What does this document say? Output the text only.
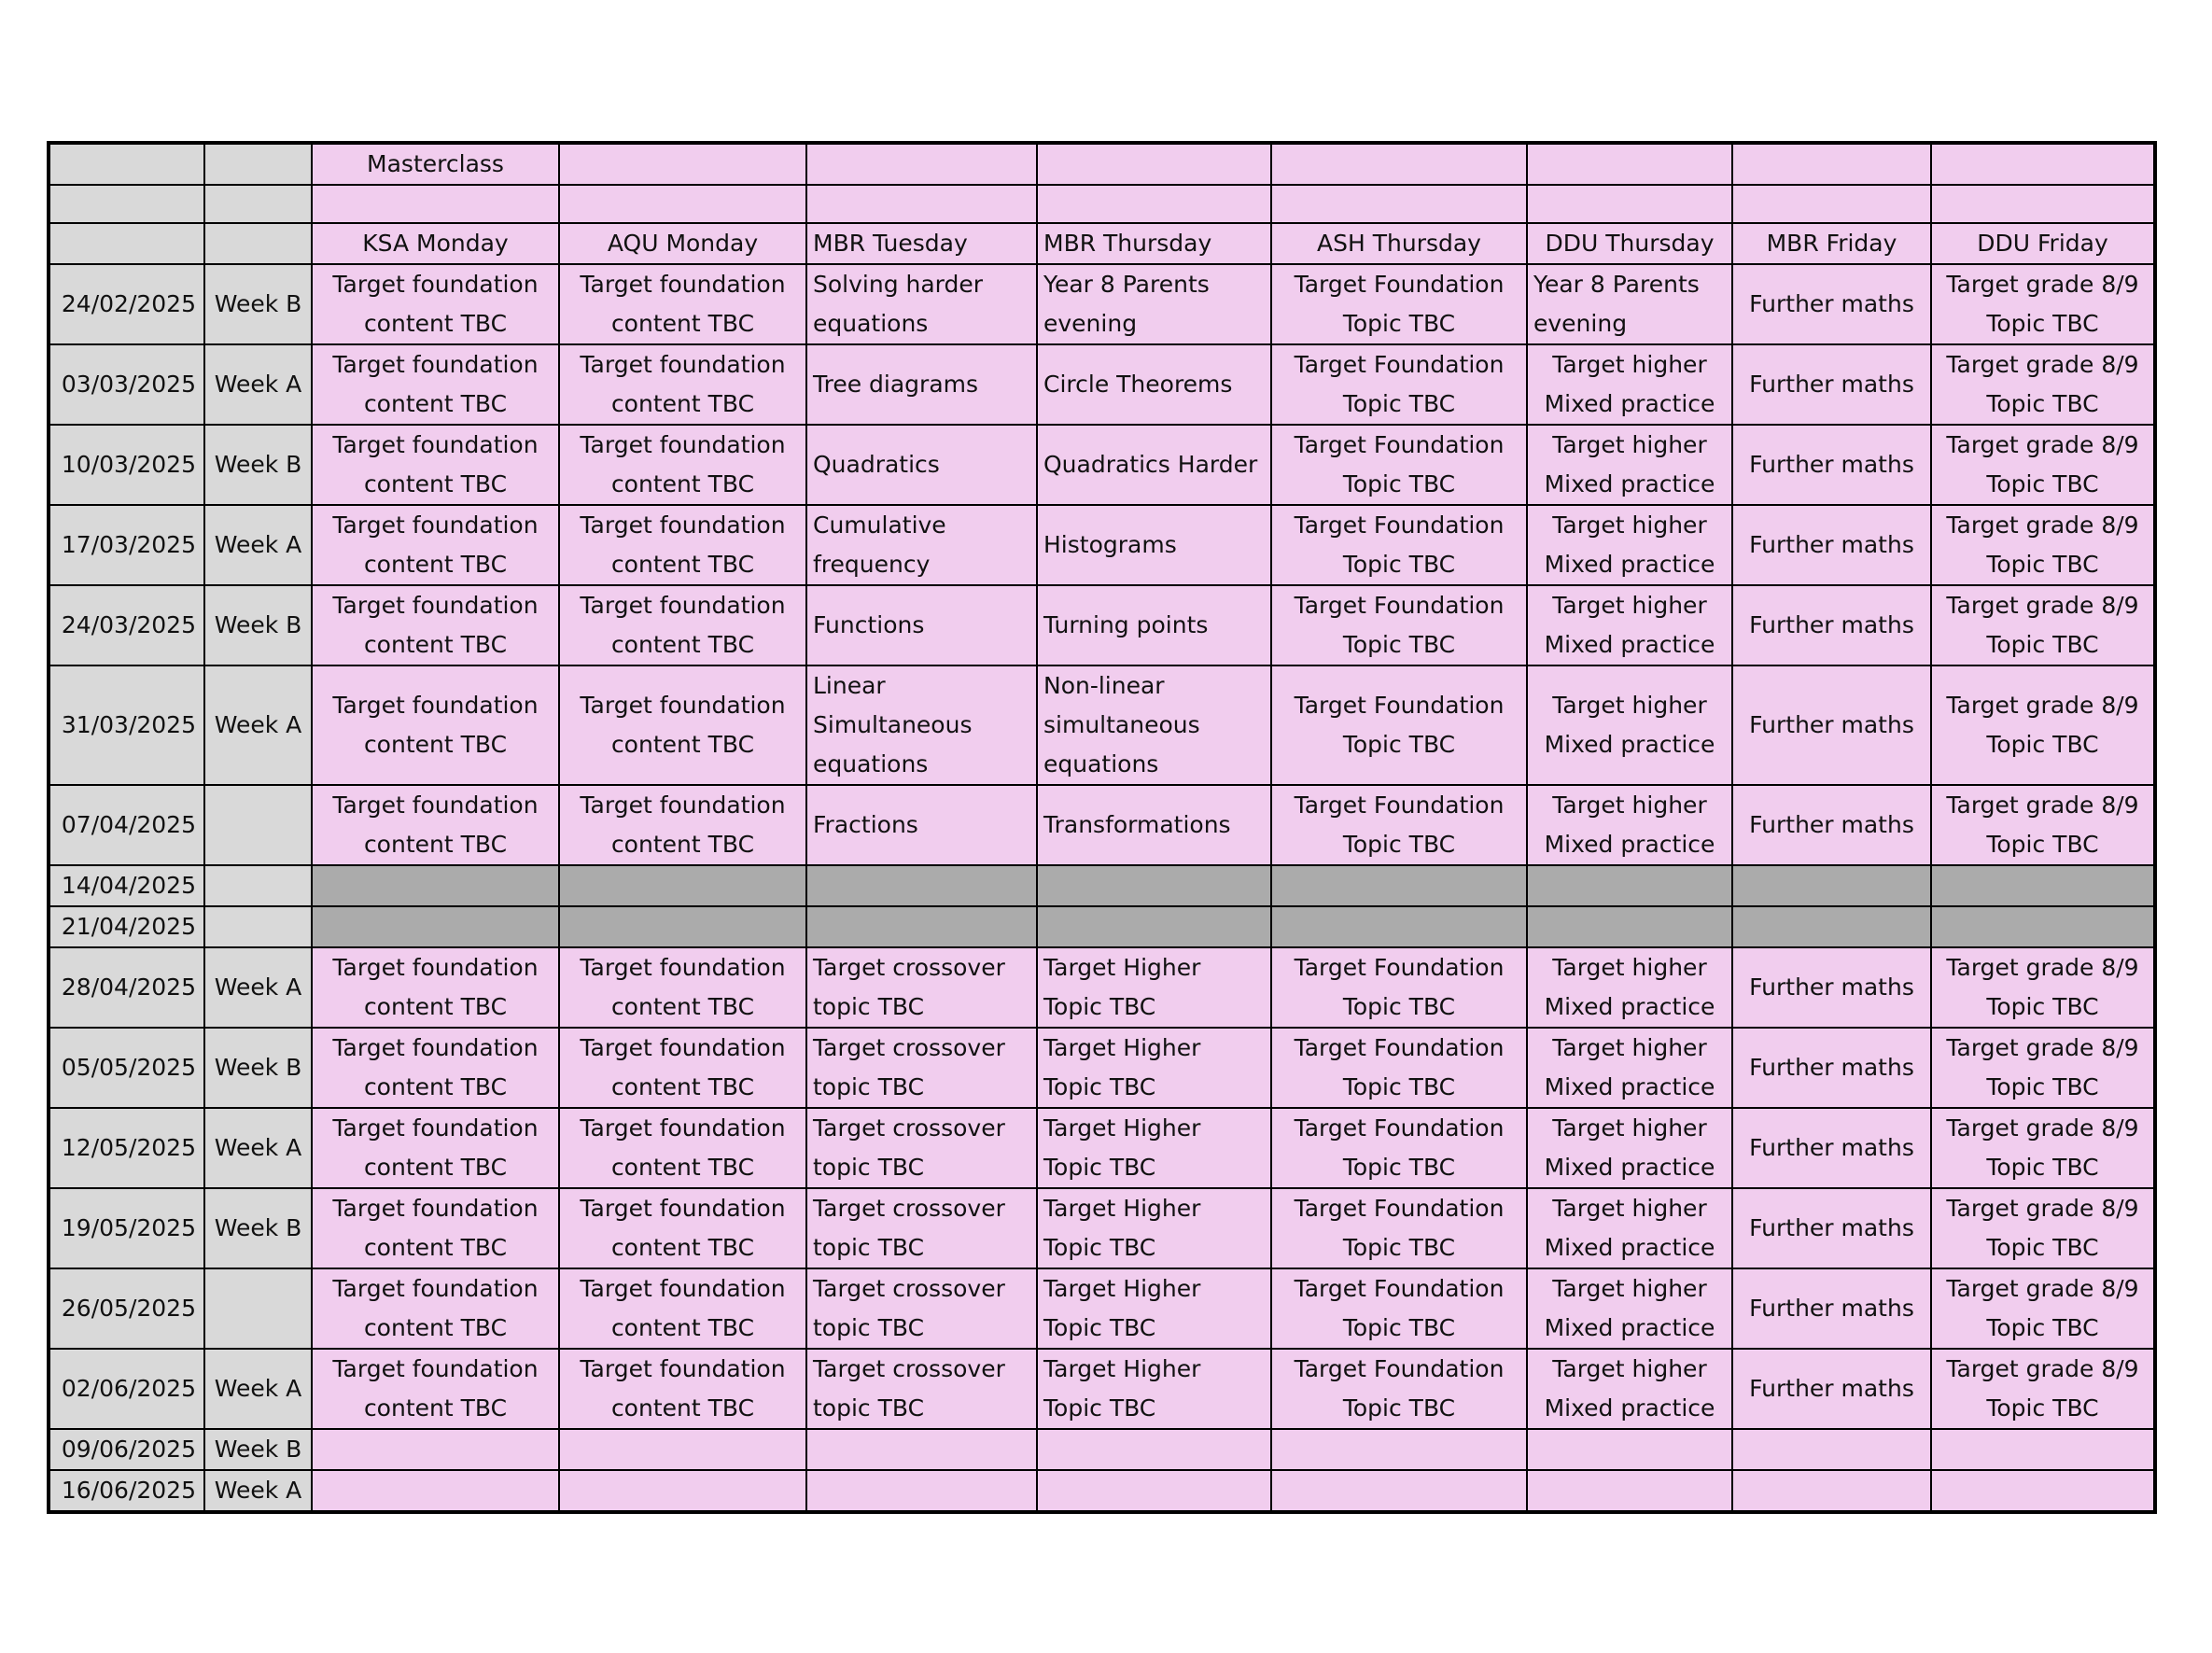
		Masterclass							

		KSA Monday	AQU Monday	MBR Tuesday	MBR Thursday	ASH Thursday	DDU Thursday	MBR Friday	DDU Friday
24/02/2025	Week B	Target foundation content TBC	Target foundation content TBC	Solving harder equations	Year 8 Parents evening	Target Foundation Topic TBC	Year 8 Parents evening	Further maths	Target grade 8/9 Topic TBC
03/03/2025	Week A	Target foundation content TBC	Target foundation content TBC	Tree diagrams	Circle Theorems	Target Foundation Topic TBC	Target higher Mixed practice	Further maths	Target grade 8/9 Topic TBC
10/03/2025	Week B	Target foundation content TBC	Target foundation content TBC	Quadratics	Quadratics Harder	Target Foundation Topic TBC	Target higher Mixed practice	Further maths	Target grade 8/9 Topic TBC
17/03/2025	Week A	Target foundation content TBC	Target foundation content TBC	Cumulative frequency	Histograms	Target Foundation Topic TBC	Target higher Mixed practice	Further maths	Target grade 8/9 Topic TBC
24/03/2025	Week B	Target foundation content TBC	Target foundation content TBC	Functions	Turning points	Target Foundation Topic TBC	Target higher Mixed practice	Further maths	Target grade 8/9 Topic TBC
31/03/2025	Week A	Target foundation content TBC	Target foundation content TBC	Linear Simultaneous equations	Non-linear simultaneous equations	Target Foundation Topic TBC	Target higher Mixed practice	Further maths	Target grade 8/9 Topic TBC
07/04/2025		Target foundation content TBC	Target foundation content TBC	Fractions	Transformations	Target Foundation Topic TBC	Target higher Mixed practice	Further maths	Target grade 8/9 Topic TBC
14/04/2025									
21/04/2025									
28/04/2025	Week A	Target foundation content TBC	Target foundation content TBC	Target crossover topic TBC	Target Higher Topic TBC	Target Foundation Topic TBC	Target higher Mixed practice	Further maths	Target grade 8/9 Topic TBC
05/05/2025	Week B	Target foundation content TBC	Target foundation content TBC	Target crossover topic TBC	Target Higher Topic TBC	Target Foundation Topic TBC	Target higher Mixed practice	Further maths	Target grade 8/9 Topic TBC
12/05/2025	Week A	Target foundation content TBC	Target foundation content TBC	Target crossover topic TBC	Target Higher Topic TBC	Target Foundation Topic TBC	Target higher Mixed practice	Further maths	Target grade 8/9 Topic TBC
19/05/2025	Week B	Target foundation content TBC	Target foundation content TBC	Target crossover topic TBC	Target Higher Topic TBC	Target Foundation Topic TBC	Target higher Mixed practice	Further maths	Target grade 8/9 Topic TBC
26/05/2025		Target foundation content TBC	Target foundation content TBC	Target crossover topic TBC	Target Higher Topic TBC	Target Foundation Topic TBC	Target higher Mixed practice	Further maths	Target grade 8/9 Topic TBC
02/06/2025	Week A	Target foundation content TBC	Target foundation content TBC	Target crossover topic TBC	Target Higher Topic TBC	Target Foundation Topic TBC	Target higher Mixed practice	Further maths	Target grade 8/9 Topic TBC
09/06/2025	Week B								
16/06/2025	Week A								
